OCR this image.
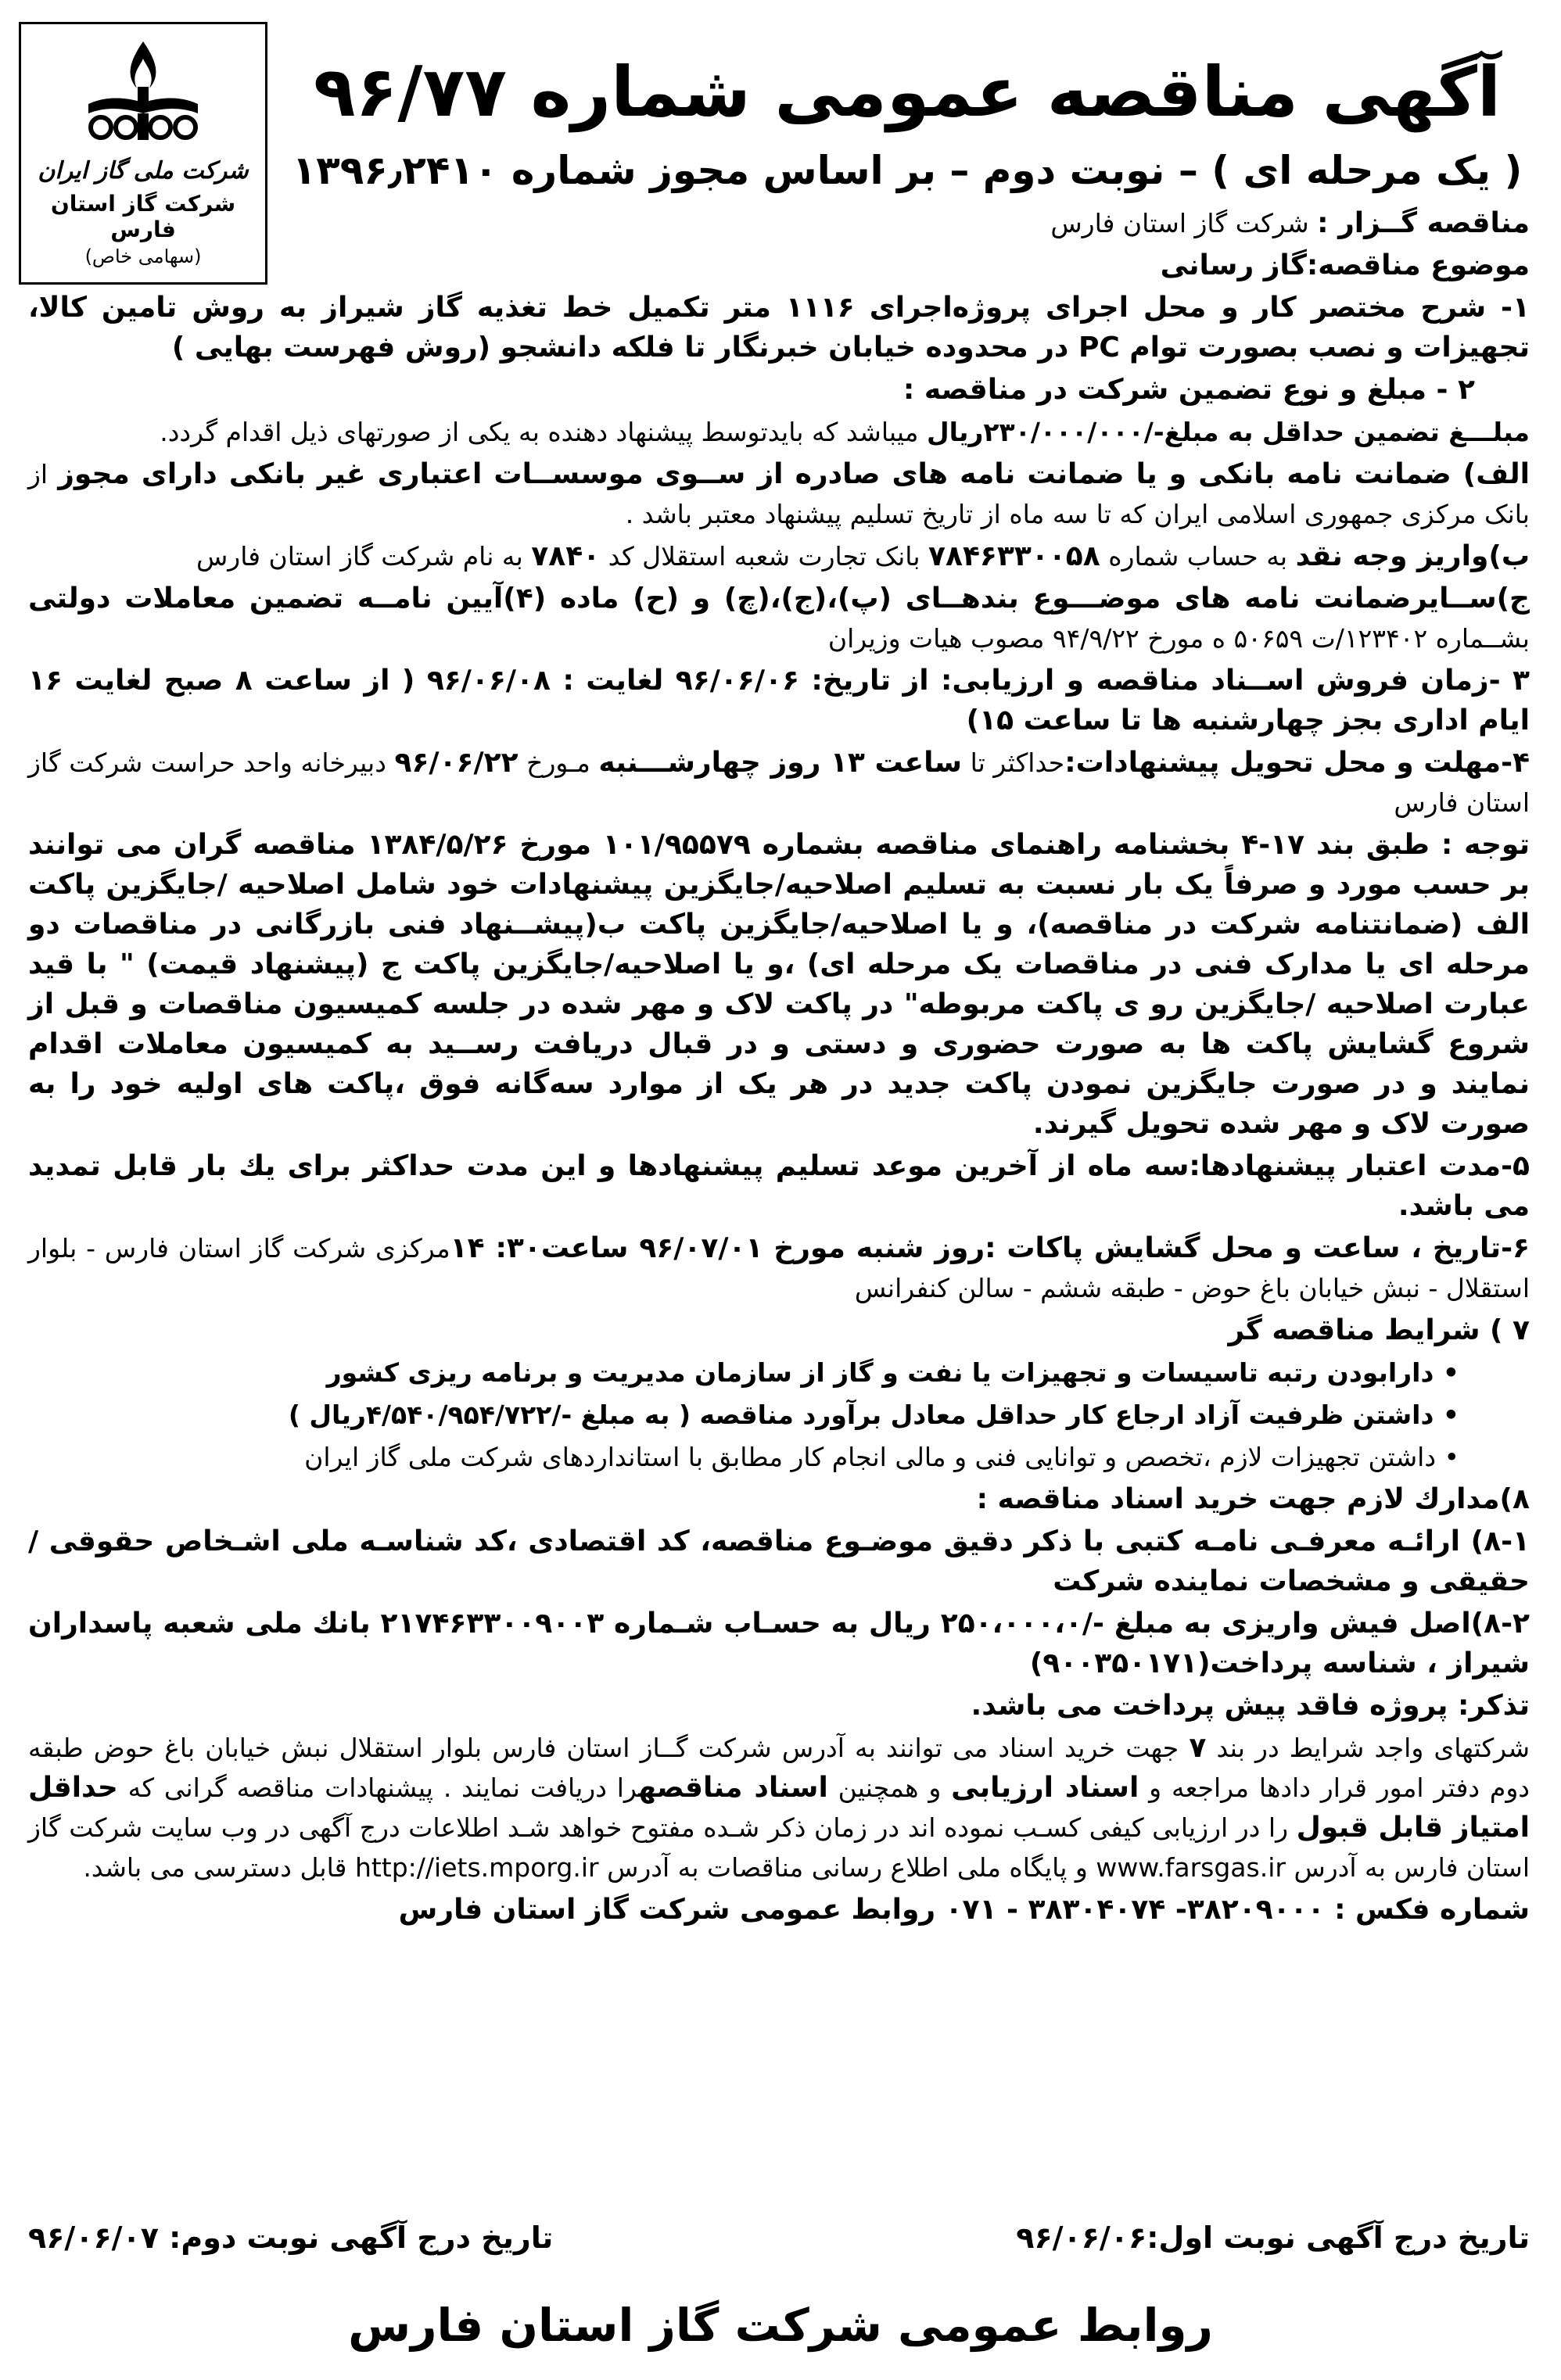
شرکت ملی گاز ایران
شرکت گاز استان فارس
(سهامی خاص)
آگهی مناقصه عمومی شماره ۹۶/۷۷
( یک مرحله ای ) – نوبت دوم – بر اساس مجوز شماره ۱۳۹۶٫۲۴۱۰

مناقصه گــزار : شرکت گاز استان فارس

موضوع مناقصه:گاز رسانی

۱- شرح مختصر کار و محل اجرای پروژه‌اجرای ۱۱۱۶ متر تکمیل خط تغذیه گاز شیراز به روش تامین کالا، تجهیزات و نصب بصورت توام PC در محدوده خیابان خبرنگار تا فلکه دانشجو (روش فهرست بهایی )

۲ - مبلغ و نوع تضمین شرکت در مناقصه :

مبلـــغ تضمین حداقل به مبلغ-/۲۳۰/۰۰۰/۰۰۰ریال میباشد که بایدتوسط پیشنهاد دهنده به یکی از صورتهای ذیل اقدام گردد.

الف) ضمانت نامه بانکی و یا ضمانت نامه های صادره از ســوی موسســات اعتباری غیر بانکی دارای مجوز از بانک مرکزی جمهوری اسلامی ایران که تا سه ماه از تاریخ تسلیم پیشنهاد معتبر باشد .

ب)واریز وجه نقد به حساب شماره ۷۸۴۶۳۳۰۰۵۸ بانک تجارت شعبه استقلال کد ۷۸۴۰ به نام شرکت گاز استان فارس

ج)ســایرضمانت نامه های موضـــوع بندهــای (پ)،(ج)،(چ) و (ح) ماده (۴)آیین نامــه تضمین معاملات دولتی بشــماره ۱۲۳۴۰۲/ت ۵۰۶۵۹ ه مورخ ۹۴/۹/۲۲ مصوب هیات وزیران

۳ -زمان فروش اســناد مناقصه و ارزیابی: از تاریخ: ۹۶/۰۶/۰۶ لغایت : ۹۶/۰۶/۰۸ ( از ساعت ۸ صبح لغایت ۱۶ ایام اداری بجز چهارشنبه ها تا ساعت ۱۵)

۴-مهلت و محل تحویل پیشنهادات:حداکثر تا ساعت ۱۳ روز چهارشـــنبه مـورخ ۹۶/۰۶/۲۲ دبیرخانه واحد حراست شرکت گاز استان فارس

توجه : طبق بند ۱۷-۴ بخشنامه راهنمای مناقصه بشماره ۱۰۱/۹۵۵۷۹ مورخ ۱۳۸۴/۵/۲۶ مناقصه گران می توانند بر حسب مورد و صرفاً یک بار نسبت به تسلیم اصلاحیه/جایگزین پیشنهادات خود شامل اصلاحیه /جایگزین پاکت الف (ضمانتنامه شرکت در مناقصه)، و یا اصلاحیه/جایگزین پاکت ب(پیشــنهاد فنی بازرگانی در مناقصات دو مرحله ای یا مدارک فنی در مناقصات یک مرحله ای) ،و یا اصلاحیه/جایگزین پاکت ج (پیشنهاد قیمت) " با قید عبارت اصلاحیه /جایگزین رو ی پاکت مربوطه" در پاکت لاک و مهر شده در جلسه کمیسیون مناقصات و قبل از شروع گشایش پاکت ها به صورت حضوری و دستی و در قبال دریافت رســید به کمیسیون معاملات اقدام نمایند و در صورت جایگزین نمودن پاکت جدید در هر یک از موارد سه‌گانه فوق ،پاکت های اولیه خود را به صورت لاک و مهر شده تحویل گیرند.

۵-مدت اعتبار پیشنهادها:سه ماه از آخرین موعد تسلیم پیشنهادها و این مدت حداکثر برای یك بار قابل تمدید می باشد.

۶-تاریخ ، ساعت و محل گشایش پاکات :روز شنبه مورخ ۹۶/۰۷/۰۱ ساعت۳۰: ۱۴مرکزی شرکت گاز استان فارس - بلوار استقلال - نبش خیابان باغ حوض - طبقه ششم - سالن کنفرانس

۷ ) شرایط مناقصه گر

• دارابودن رتبه تاسیسات و تجهیزات یا نفت و گاز از سازمان مدیریت و برنامه ریزی کشور

• داشتن ظرفیت آزاد ارجاع کار حداقل معادل برآورد مناقصه ( به مبلغ -/۴/۵۴۰/۹۵۴/۷۲۲ریال )

• داشتن تجهیزات لازم ،تخصص و توانایی فنی و مالی انجام کار مطابق با استانداردهای شرکت ملی گاز ایران

۸)مدارك لازم جهت خرید اسناد مناقصه :

۸-۱) ارائـه معرفـی نامـه کتبی با ذکر دقیق موضـوع مناقصه، کد اقتصادی ،کد شناسـه ملی اشـخاص حقوقی /حقیقی و مشخصات نماینده شرکت

۸-۲)اصل فیش واریزی به مبلغ -/۲۵۰،۰۰۰،۰ ریال به حسـاب شـماره ۲۱۷۴۶۳۳۰۰۹۰۰۳ بانك ملی شعبه پاسداران شیراز ، شناسه پرداخت(۹۰۰۳۵۰۱۷۱)

تذکر: پروژه فاقد پیش پرداخت می باشد.

شرکتهای واجد شرایط در بند ۷ جهت خرید اسناد می توانند به آدرس شرکت گــاز استان فارس بلوار استقلال نبش خیابان باغ حوض طبقه دوم دفتر امور قرار دادها مراجعه و اسناد ارزیابی و همچنین اسناد مناقصهرا دریافت نمایند . پیشنهادات مناقصه گرانی که حداقل امتیاز قابل قبول را در ارزیابی کیفی کسـب نموده اند در زمان ذکر شـده مفتوح خواهد شـد اطلاعات درج آگهی در وب سایت شرکت گاز استان فارس به آدرس www.farsgas.ir و پایگاه ملی اطلاع رسانی مناقصات به آدرس http://iets.mporg.ir قابل دسترسی می باشد.

شماره فکس : ۳۸۲۰۹۰۰۰- ۳۸۳۰۴۰۷۴ - ۰۷۱ روابط عمومی شرکت گاز استان فارس

تاریخ درج آگهی نوبت اول:۹۶/۰۶/۰۶
تاریخ درج آگهی نوبت دوم: ۹۶/۰۶/۰۷
روابط عمومی شرکت گاز استان فارس
